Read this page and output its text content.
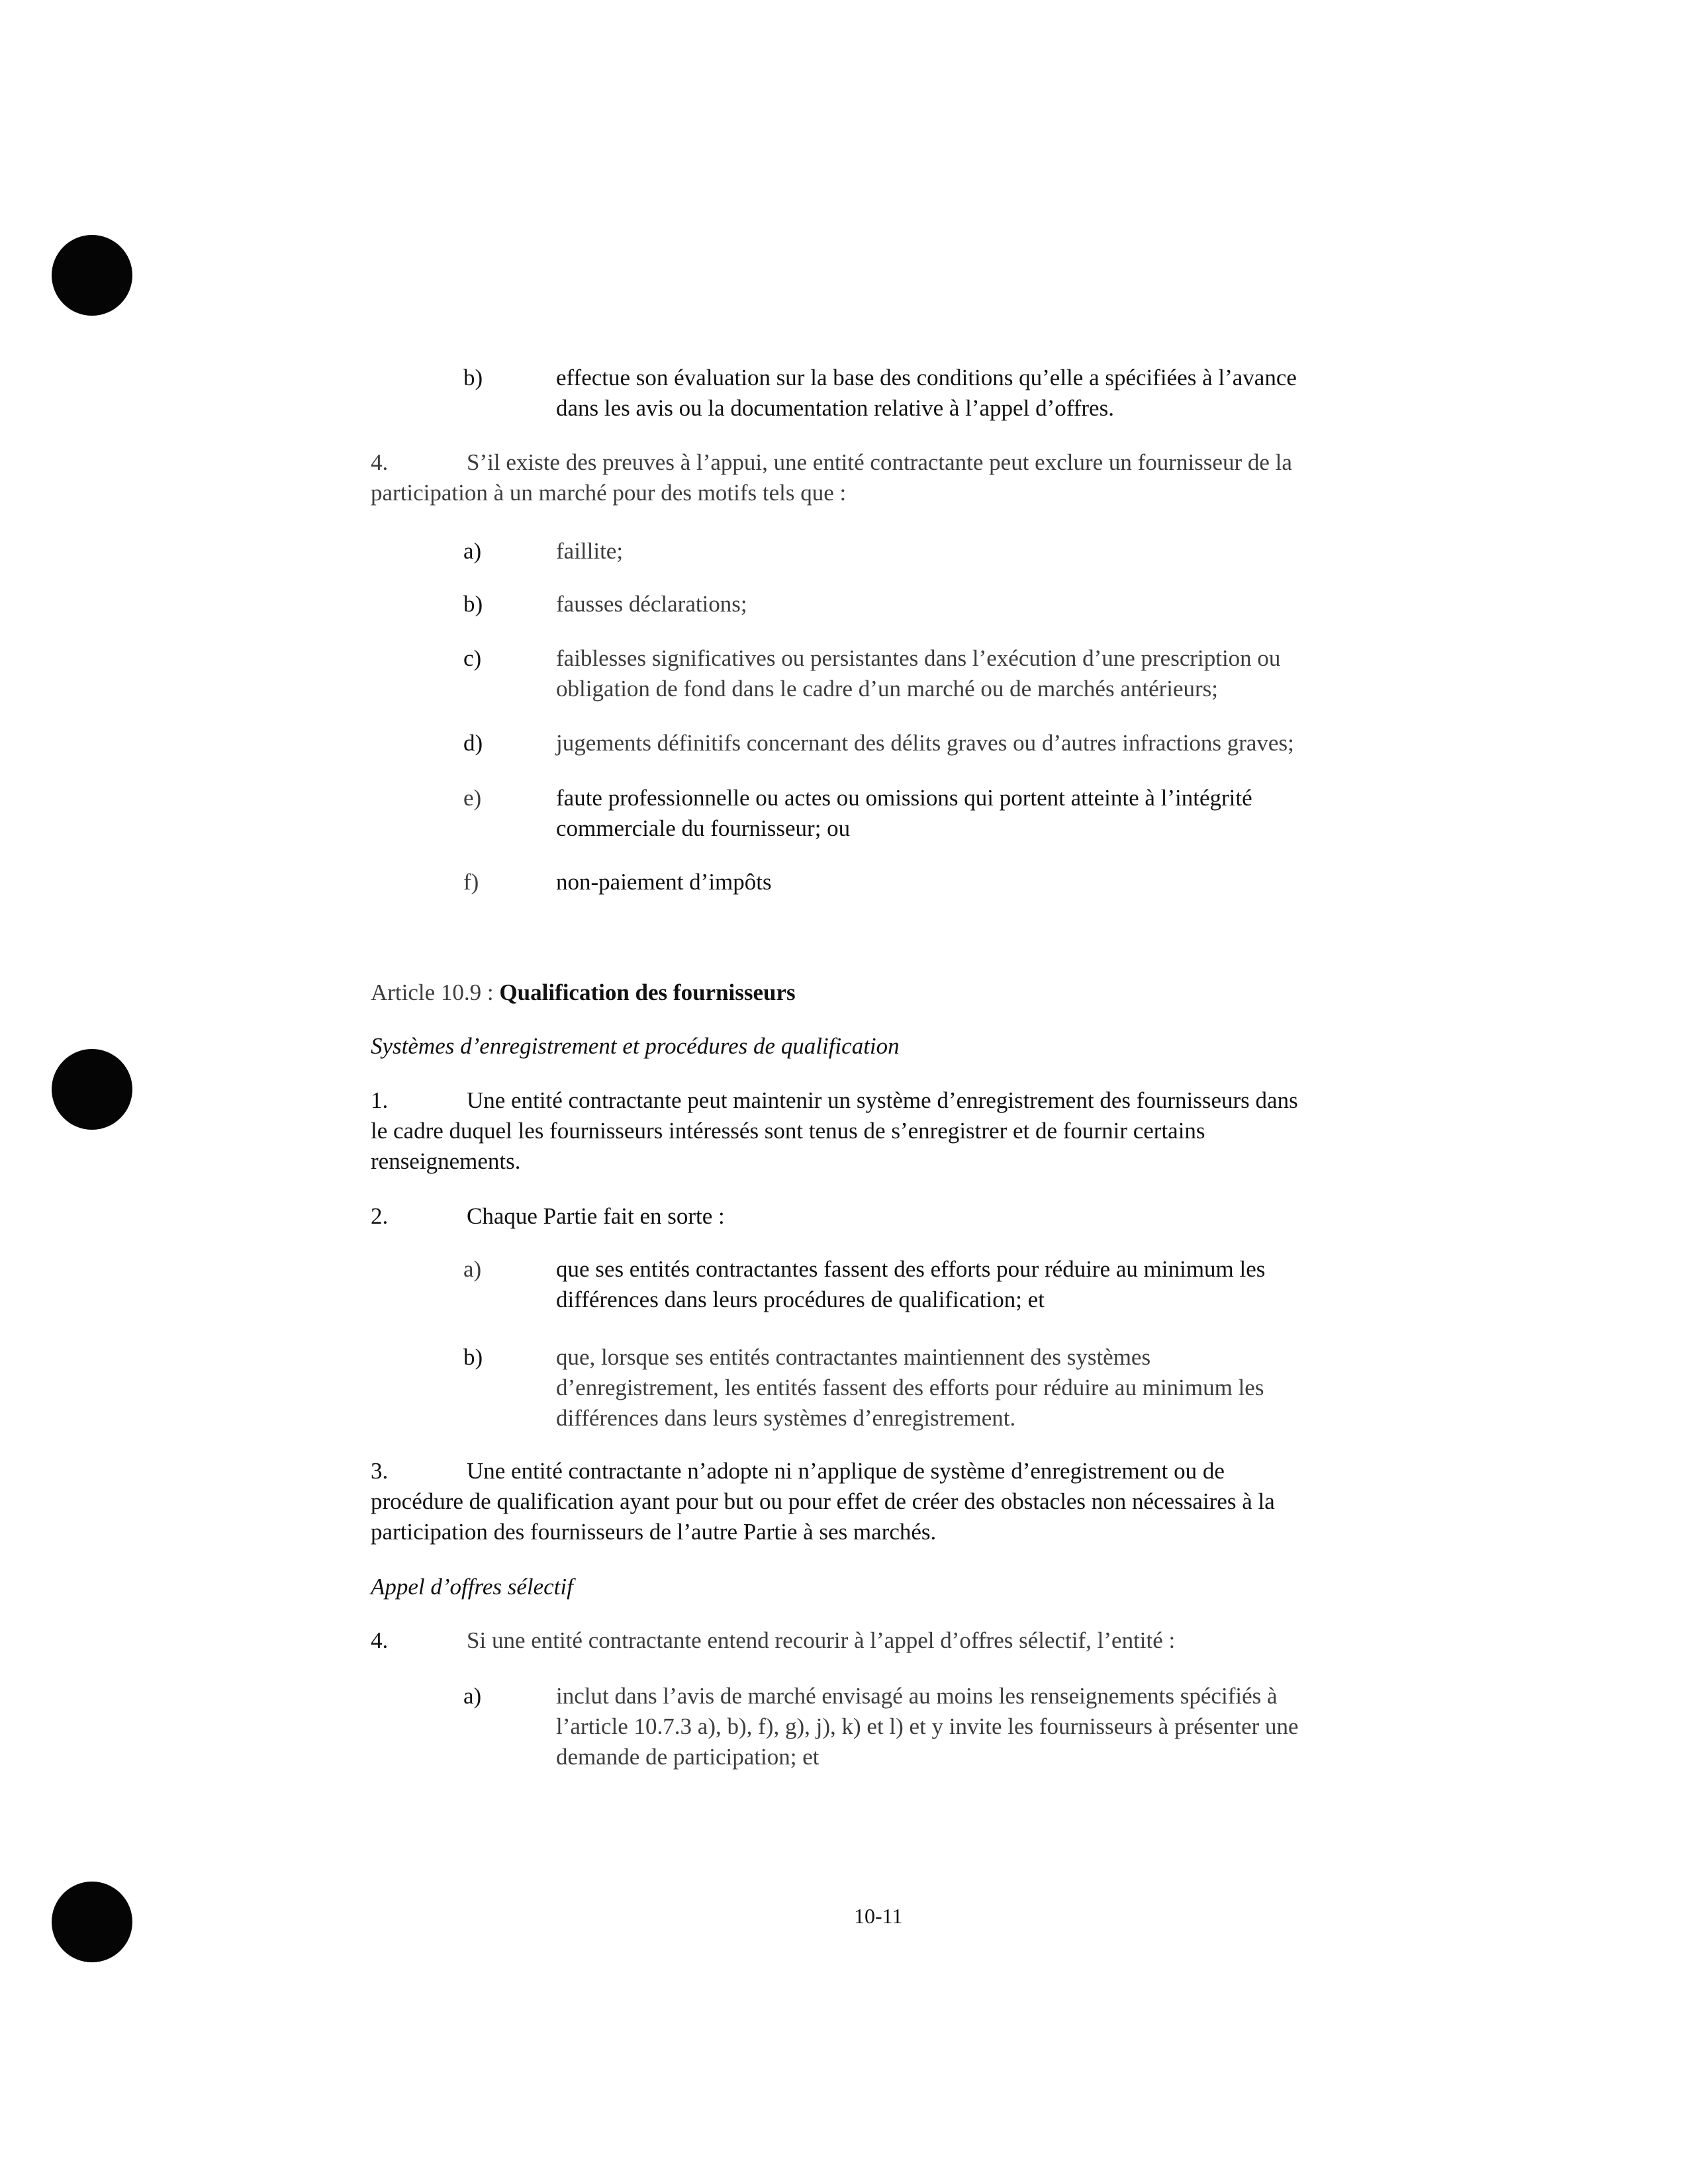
b)	effectue son évaluation sur la base des conditions qu’elle a spécifiées à l’avance
dans les avis ou la documentation relative à l’appel d’offres.
4.	S’il existe des preuves à l’appui, une entité contractante peut exclure un fournisseur de la
participation à un marché pour des motifs tels que :
a)	faillite;
b)	fausses déclarations;
c)	faiblesses significatives ou persistantes dans l’exécution d’une prescription ou
obligation de fond dans le cadre d’un marché ou de marchés antérieurs;
d)	jugements définitifs concernant des délits graves ou d’autres infractions graves;
e)	faute professionnelle ou actes ou omissions qui portent atteinte à l’intégrité
commerciale du fournisseur; ou
f)	non-paiement d’impôts
Article 10.9 : Qualification des fournisseurs
Systèmes d’enregistrement et procédures de qualification
1.	Une entité contractante peut maintenir un système d’enregistrement des fournisseurs dans
le cadre duquel les fournisseurs intéressés sont tenus de s’enregistrer et de fournir certains
renseignements.
2.	Chaque Partie fait en sorte :
a)	que ses entités contractantes fassent des efforts pour réduire au minimum les
différences dans leurs procédures de qualification; et
b)	que, lorsque ses entités contractantes maintiennent des systèmes
d’enregistrement, les entités fassent des efforts pour réduire au minimum les
différences dans leurs systèmes d’enregistrement.
3.	Une entité contractante n’adopte ni n’applique de système d’enregistrement ou de
procédure de qualification ayant pour but ou pour effet de créer des obstacles non nécessaires à la
participation des fournisseurs de l’autre Partie à ses marchés.
Appel d’offres sélectif
4.	Si une entité contractante entend recourir à l’appel d’offres sélectif, l’entité :
a)	inclut dans l’avis de marché envisagé au moins les renseignements spécifiés à
l’article 10.7.3 a), b), f), g), j), k) et l) et y invite les fournisseurs à présenter une
demande de participation; et
10-11
